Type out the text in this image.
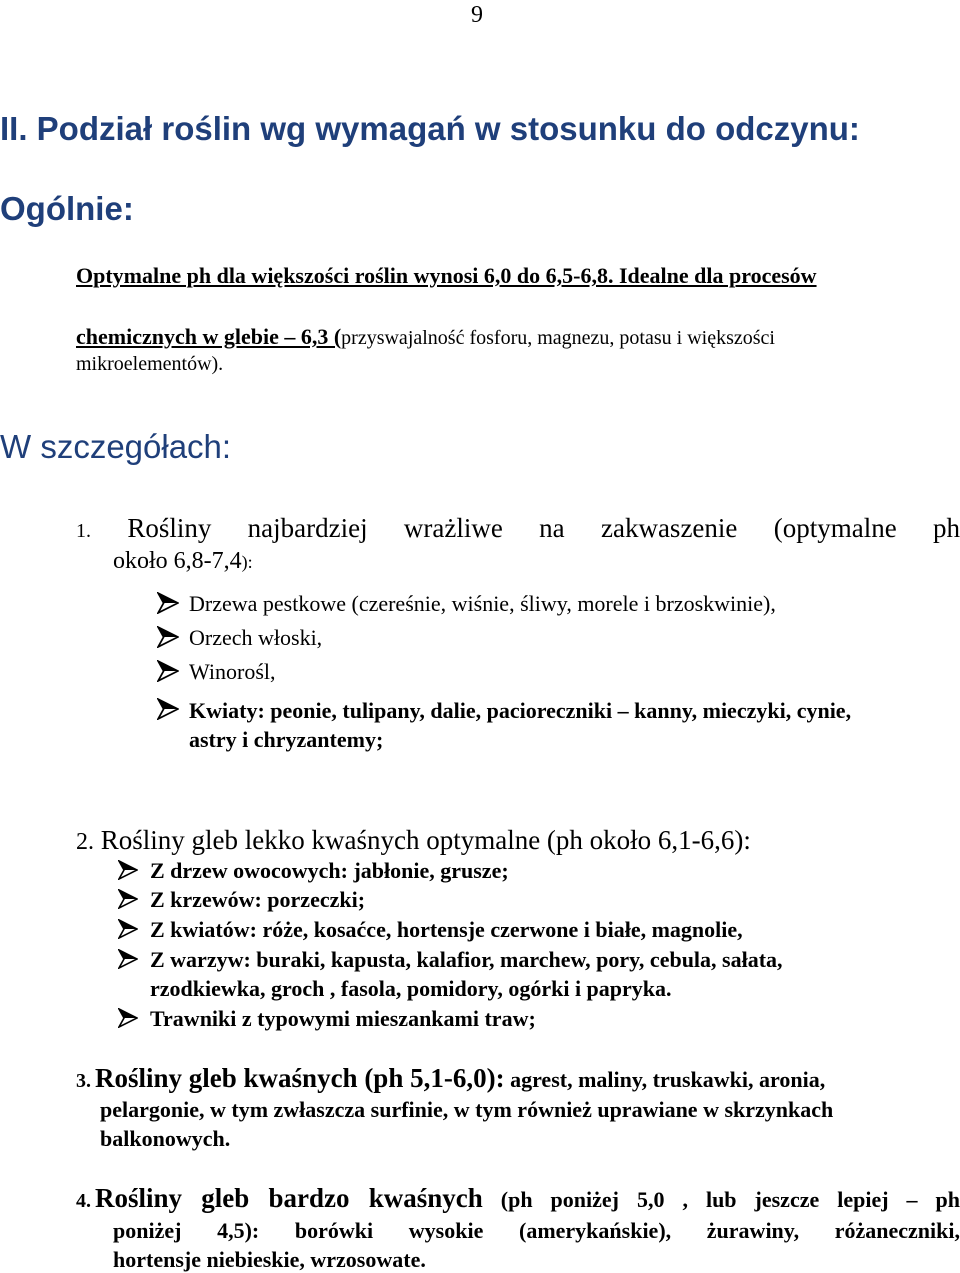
9
II. Podział roślin wg wymagań w stosunku do odczynu:
Ogólnie:
Optymalne ph dla większości roślin wynosi 6,0 do 6,5-6,8. Idealne dla procesów
chemicznych w glebie – 6,3 (przyswajalność fosforu, magnezu, potasu i większości
mikroelementów).
W szczegółach:
1. Rośliny najbardziej wrażliwe na zakwaszenie (optymalne ph
około 6,8-7,4):
Drzewa pestkowe (czereśnie, wiśnie, śliwy, morele i brzoskwinie),
Orzech włoski,
Winorośl,
Kwiaty: peonie, tulipany, dalie, pacioreczniki – kanny, mieczyki, cynie,
astry i chryzantemy;
2. Rośliny gleb lekko kwaśnych optymalne (ph około 6,1-6,6):
Z drzew owocowych: jabłonie, grusze;
Z krzewów: porzeczki;
Z kwiatów: róże, kosaćce, hortensje czerwone i białe, magnolie,
Z warzyw: buraki, kapusta, kalafior, marchew, pory, cebula, sałata,
rzodkiewka, groch , fasola, pomidory, ogórki i papryka.
Trawniki z typowymi mieszankami traw;
3. Rośliny gleb kwaśnych (ph 5,1-6,0): agrest, maliny, truskawki, aronia,
pelargonie, w tym zwłaszcza surfinie, w tym również uprawiane w skrzynkach
balkonowych.
4. Rośliny gleb bardzo kwaśnych (ph poniżej 5,0 , lub jeszcze lepiej – ph
poniżej 4,5): borówki wysokie (amerykańskie), żurawiny, różaneczniki,
hortensje niebieskie, wrzosowate.
